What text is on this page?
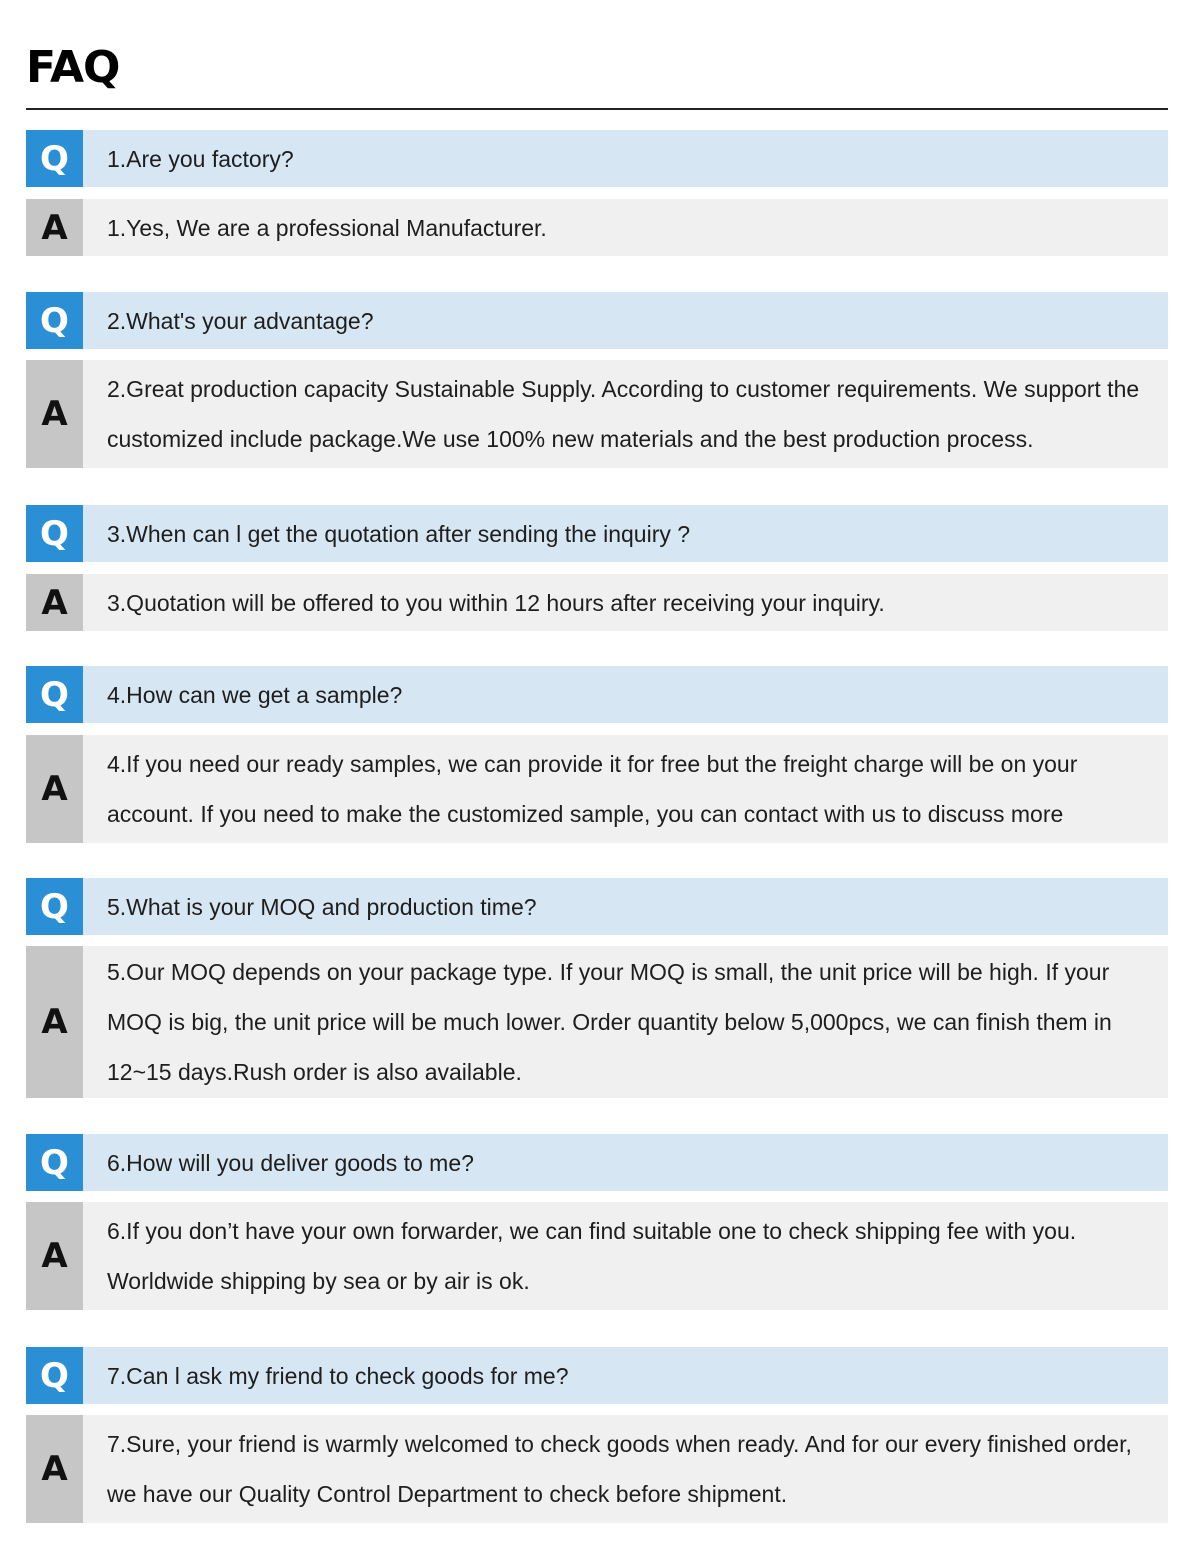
FAQ
Q	1.Are you factory?
A	1.Yes, We are a professional Manufacturer.
Q	2.What's your advantage?
A
2.Great production capacity Sustainable Supply. According to customer requirements. We support the customized include package.We use 100% new materials and the best production process.
Q	3.When can l get the quotation after sending the inquiry ?
A	3.Quotation will be offered to you within 12 hours after receiving your inquiry.
Q	4.How can we get a sample?
A
4.If you need our ready samples, we can provide it for free but the freight charge will be on your account. If you need to make the customized sample, you can contact with us to discuss more
Q	5.What is your MOQ and production time?
A
5.Our MOQ depends on your package type. If your MOQ is small, the unit price will be high. If your MOQ is big, the unit price will be much lower. Order quantity below 5,000pcs, we can finish them in 12~15 days.Rush order is also available.
Q	6.How will you deliver goods to me?
A
6.If you don’t have your own forwarder, we can find suitable one to check shipping fee with you. Worldwide shipping by sea or by air is ok.
Q	7.Can l ask my friend to check goods for me?
A
7.Sure, your friend is warmly welcomed to check goods when ready. And for our every finished order, we have our Quality Control Department to check before shipment.
